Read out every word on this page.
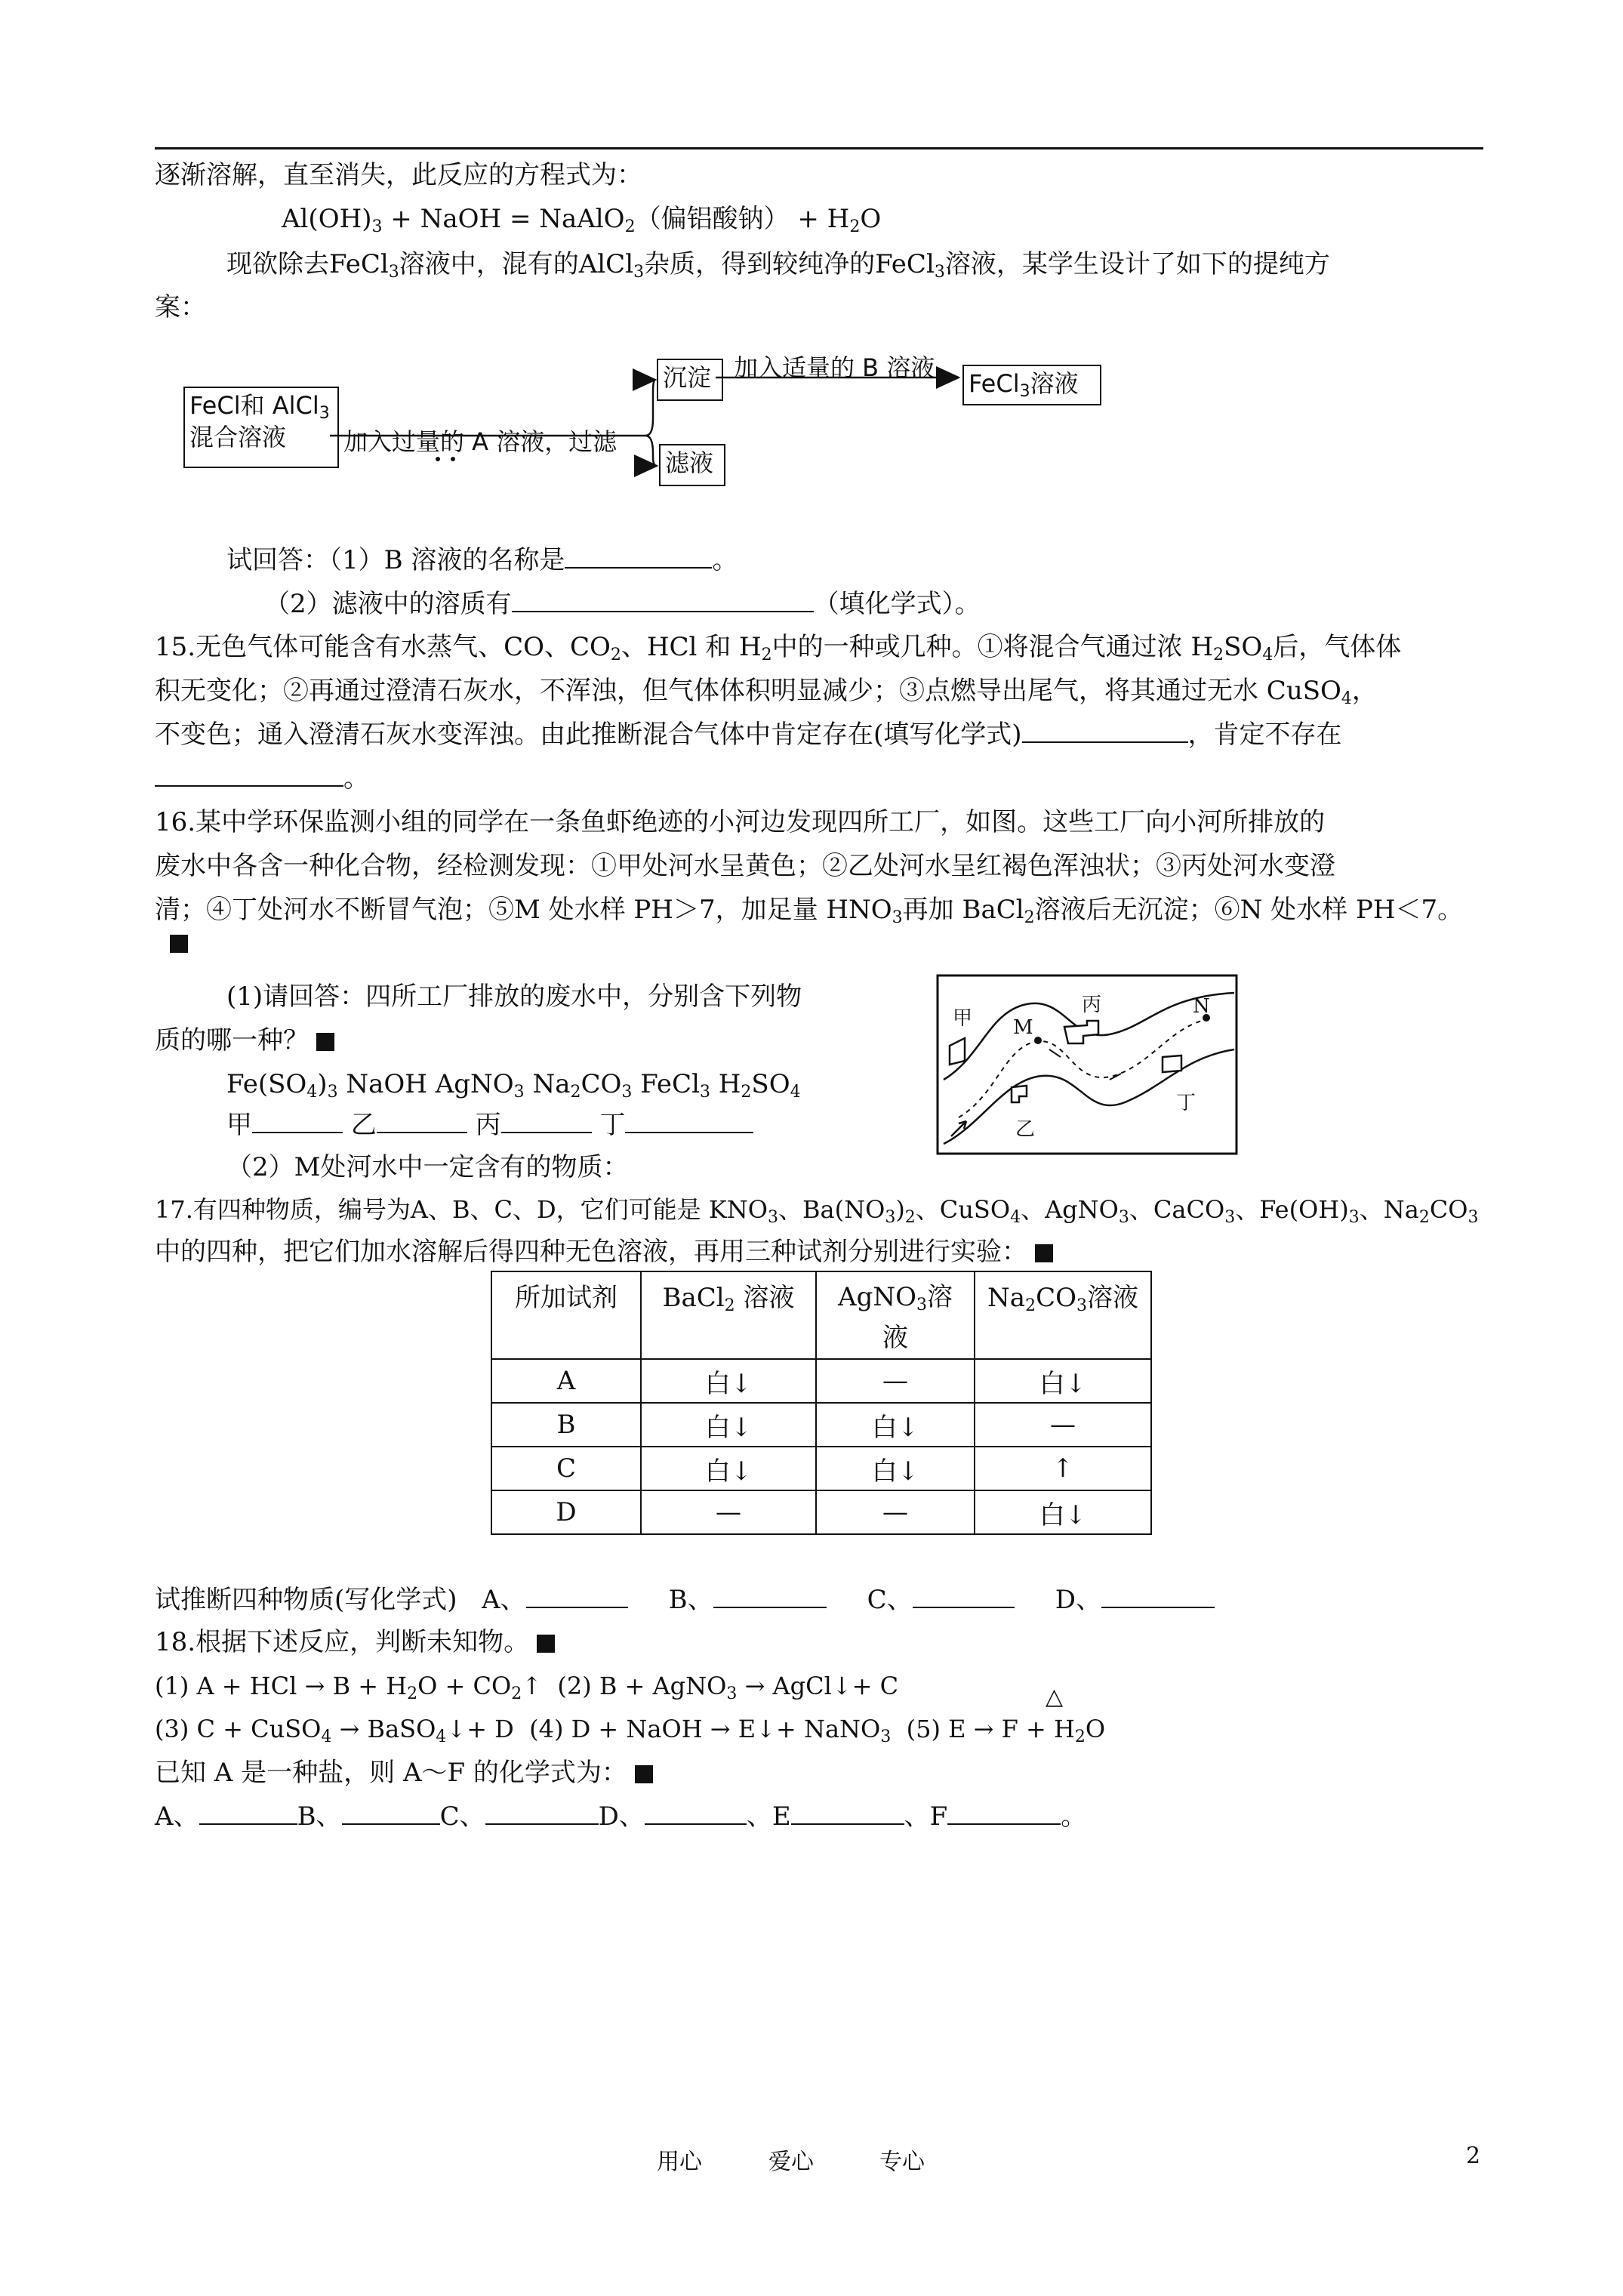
逐渐溶解，直至消失，此反应的方程式为：
$Al(OH)_3$ + NaOH = NaAlO$_2$（偏铝酸钠） + $H_2O$
现欲除去FeCl$_3$溶液中，混有的AlCl$_3$杂质，得到较纯净的FeCl$_3$溶液，某学生设计了如下的提纯方
案：
FeCl和 AlCl$_3$
混合溶液	加入过量的 A 溶液，过滤
沉淀
滤液
加入适量的 B 溶液
FeCl$_3$溶液
试回答：（1）B 溶液的名称是	。
（2）滤液中的溶质有	（填化学式）。
15.无色气体可能含有水蒸气、CO、$CO_2$、HCl 和 $H_2$中的一种或几种。①将混合气通过浓 $H_2SO_4$后，气体体
积无变化；②再通过澄清石灰水，不浑浊，但气体体积明显减少；③点燃导出尾气，将其通过无水 CuSO$_4$，
不变色；通入澄清石灰水变浑浊。由此推断混合气体中肯定存在(填写化学式)	，肯定不存在
。
16.某中学环保监测小组的同学在一条鱼虾绝迹的小河边发现四所工厂，如图。这些工厂向小河所排放的
废水中各含一种化合物，经检测发现：①甲处河水呈黄色；②乙处河水呈红褐色浑浊状；③丙处河水变澄
清；④丁处河水不断冒气泡；⑤M 处水样 PH＞7，加足量 $HNO_3$再加 BaCl$_2$溶液后无沉淀；⑥N 处水样 PH＜7。
(1)请回答：四所工厂排放的废水中，分别含下列物
质的哪一种？
$Fe(SO_4)_3$ NaOH AgNO$_3$ $Na_2CO_3$ FeCl$_3$ $H_2SO_4$
甲	乙	丙	丁
（2）M处河水中一定含有的物质：
甲
丙
丁
乙
M
N
17.有四种物质，编号为A、B、C、D，它们可能是 $KNO_3$、$Ba(NO_3)_2$、CuSO$_4$、AgNO$_3$、CaCO$_3$、$Fe(OH)_3$、$Na_2CO_3$
中的四种，把它们加水溶解后得四种无色溶液，再用三种试剂分别进行实验：
所加试剂	BaCl$_2$ 溶液	AgNO$_3$溶
液	$Na_2CO_3$溶液
A	白↓	—	白↓
B	白↓	白↓	—
C	白↓	白↓	↑
D	—	—	白↓
试推断四种物质(写化学式) A、	B、	C、	D、
18.根据下述反应，判断未知物。
(1) A + HCl → $B + H_2O$ + $CO_2↑$ (2) B + AgNO$_3$ → AgCl↓+ C	△
(3) C + CuSO$_4$ → BaSO$_4$↓+ D (4) D + NaOH → E↓+ NaNO$_3$ (5) $E \to F + H_2O$
已知 A 是一种盐，则 A～F 的化学式为：
A、	B、	C、	D、	、E	、F	。
用心	爱心	专心	2
